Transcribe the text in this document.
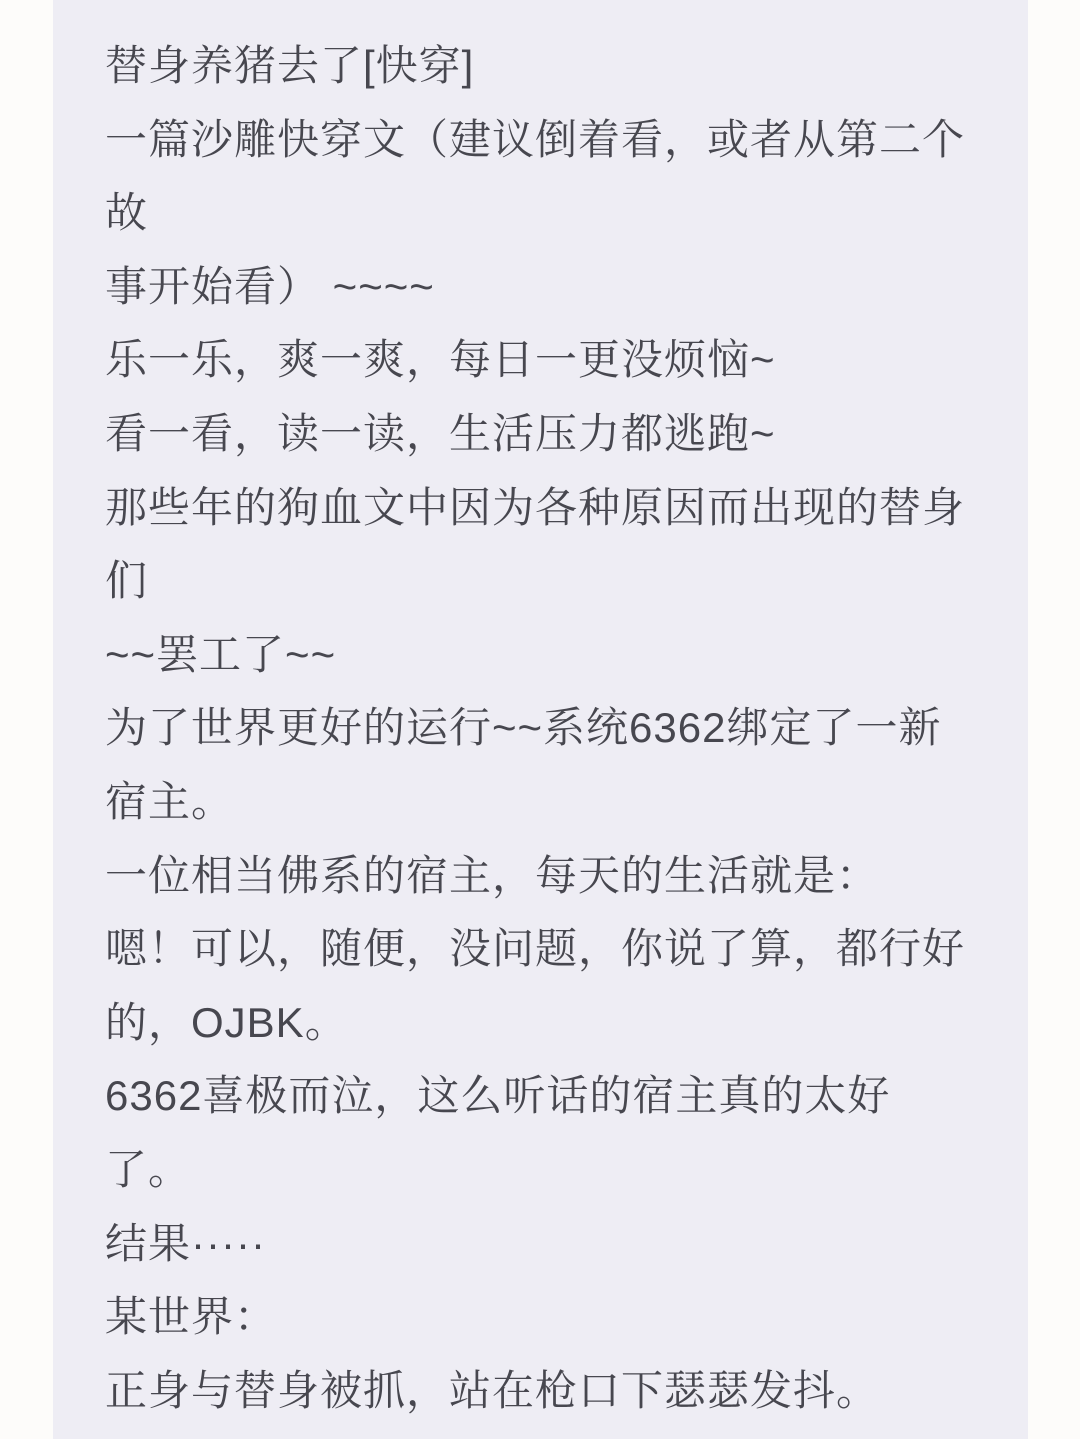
替身养猪去了[快穿]
一篇沙雕快穿文（建议倒着看，或者从第二个
故
事开始看） ~~~~
乐一乐，爽一爽，每日一更没烦恼~
看一看，读一读，生活压力都逃跑~
那些年的狗血文中因为各种原因而出现的替身
们
~~罢工了~~
为了世界更好的运行~~系统6362绑定了一新
宿主。
一位相当佛系的宿主，每天的生活就是：
嗯！可以，随便，没问题，你说了算，都行好
的，OJBK。
6362喜极而泣，这么听话的宿主真的太好
了。
结果·····
某世界：
正身与替身被抓，站在枪口下瑟瑟发抖。
